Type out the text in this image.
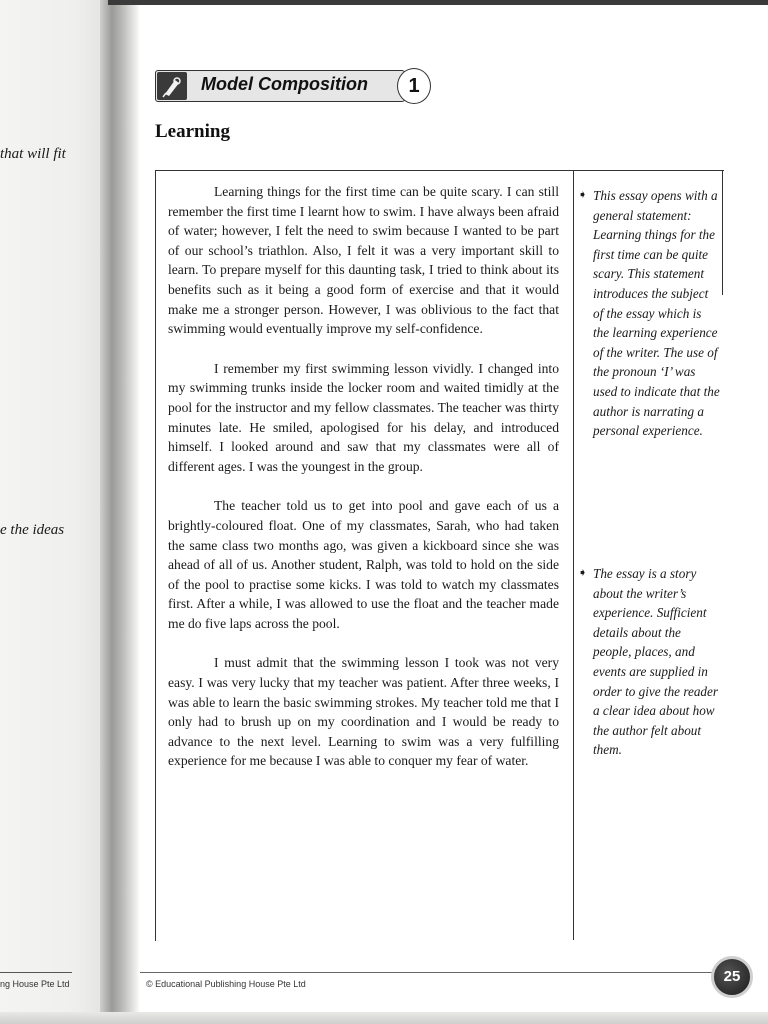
that will fit
e the ideas
ng House Pte Ltd
Model Composition	1
Learning

Learning things for the first time can be quite scary. I can still remember the first time I learnt how to swim. I have always been afraid of water; however, I felt the need to swim because I wanted to be part of our school’s triathlon. Also, I felt it was a very important skill to learn. To prepare myself for this daunting task, I tried to think about its benefits such as it being a good form of exercise and that it would make me a stronger person. However, I was oblivious to the fact that swimming would eventually improve my self-confidence.

I remember my first swimming lesson vividly. I changed into my swimming trunks inside the locker room and waited timidly at the pool for the instructor and my fellow classmates. The teacher was thirty minutes late. He smiled, apologised for his delay, and introduced himself. I looked around and saw that my classmates were all of different ages. I was the youngest in the group.

The teacher told us to get into pool and gave each of us a brightly-coloured float. One of my classmates, Sarah, who had taken the same class two months ago, was given a kickboard since she was ahead of all of us. Another student, Ralph, was told to hold on the side of the pool to practise some kicks. I was told to watch my classmates first. After a while, I was allowed to use the float and the teacher made me do five laps across the pool.

I must admit that the swimming lesson I took was not very easy. I was very lucky that my teacher was patient. After three weeks, I was able to learn the basic swimming strokes. My teacher told me that I only had to brush up on my coordination and I would be ready to advance to the next level. Learning to swim was a very fulfilling experience for me because I was able to conquer my fear of water.

➧ This essay opens with a general statement: Learning things for the first time can be quite scary. This statement introduces the subject of the essay which is the learning experience of the writer. The use of the pronoun ‘I’ was used to indicate that the author is narrating a personal experience.
➧ The essay is a story about the writer’s experience. Sufficient details about the people, places, and events are supplied in order to give the reader a clear idea about how the author felt about them.
© Educational Publishing House Pte Ltd	25
